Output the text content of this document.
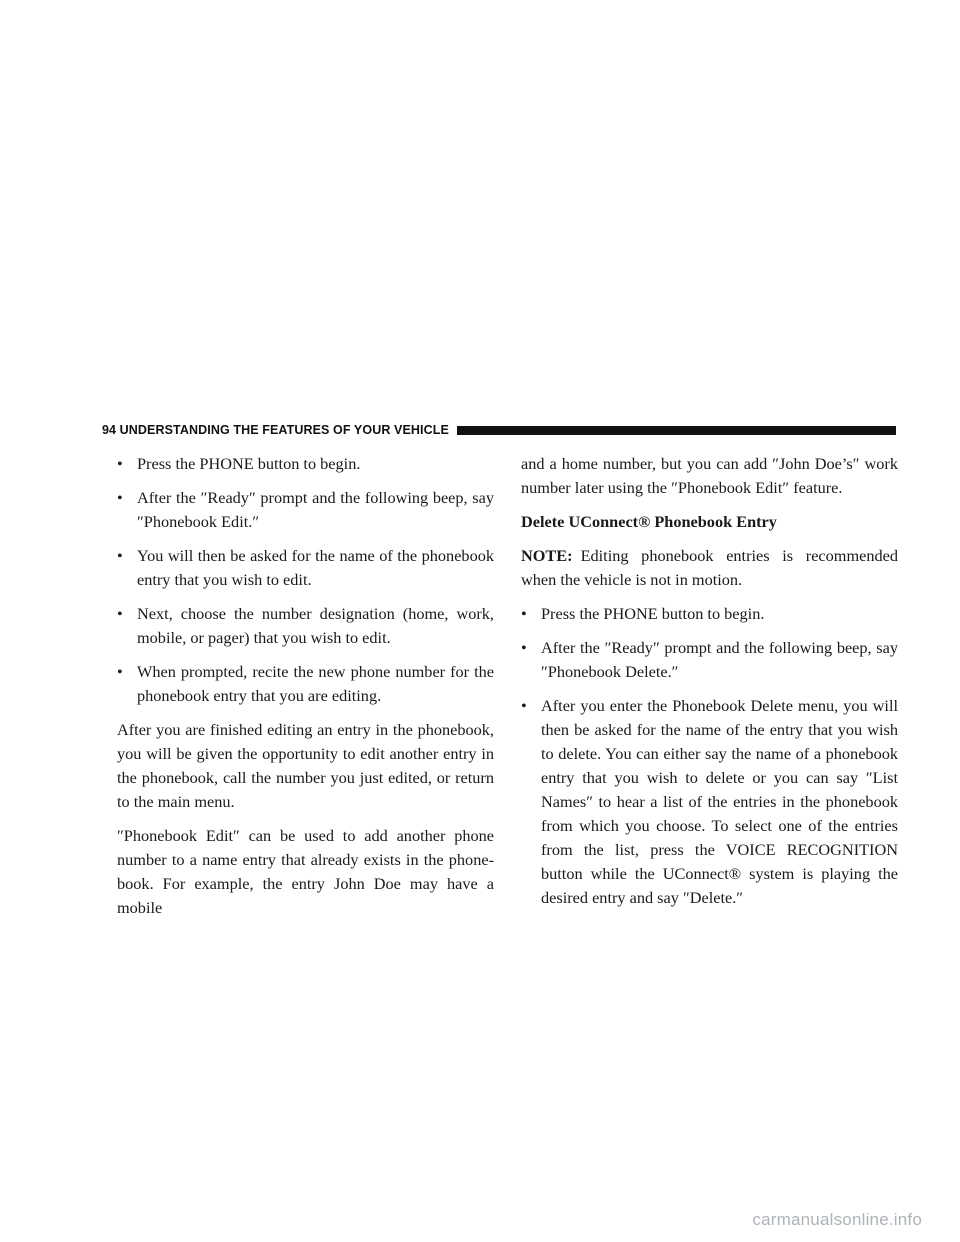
94 UNDERSTANDING THE FEATURES OF YOUR VEHICLE
• Press the PHONE button to begin.
• After the ″Ready″ prompt and the following beep, say ″Phonebook Edit.″
• You will then be asked for the name of the phonebook entry that you wish to edit.
• Next, choose the number designation (home, work, mobile, or pager) that you wish to edit.
• When prompted, recite the new phone number for the phonebook entry that you are editing.

After you are finished editing an entry in the phonebook, you will be given the opportunity to edit another entry in the phonebook, call the number you just edited, or return to the main menu.

″Phonebook Edit″ can be used to add another phone number to a name entry that already exists in the phone-book. For example, the entry John Doe may have a mobile

and a home number, but you can add ″John Doe’s″ work number later using the ″Phonebook Edit″ feature.

Delete UConnect® Phonebook Entry

NOTE: Editing phonebook entries is recommended when the vehicle is not in motion.

• Press the PHONE button to begin.
• After the ″Ready″ prompt and the following beep, say ″Phonebook Delete.″
• After you enter the Phonebook Delete menu, you will then be asked for the name of the entry that you wish to delete. You can either say the name of a phonebook entry that you wish to delete or you can say ″List Names″ to hear a list of the entries in the phonebook from which you choose. To select one of the entries from the list, press the VOICE RECOGNITION button while the UConnect® system is playing the desired entry and say ″Delete.″
carmanualsonline.info
